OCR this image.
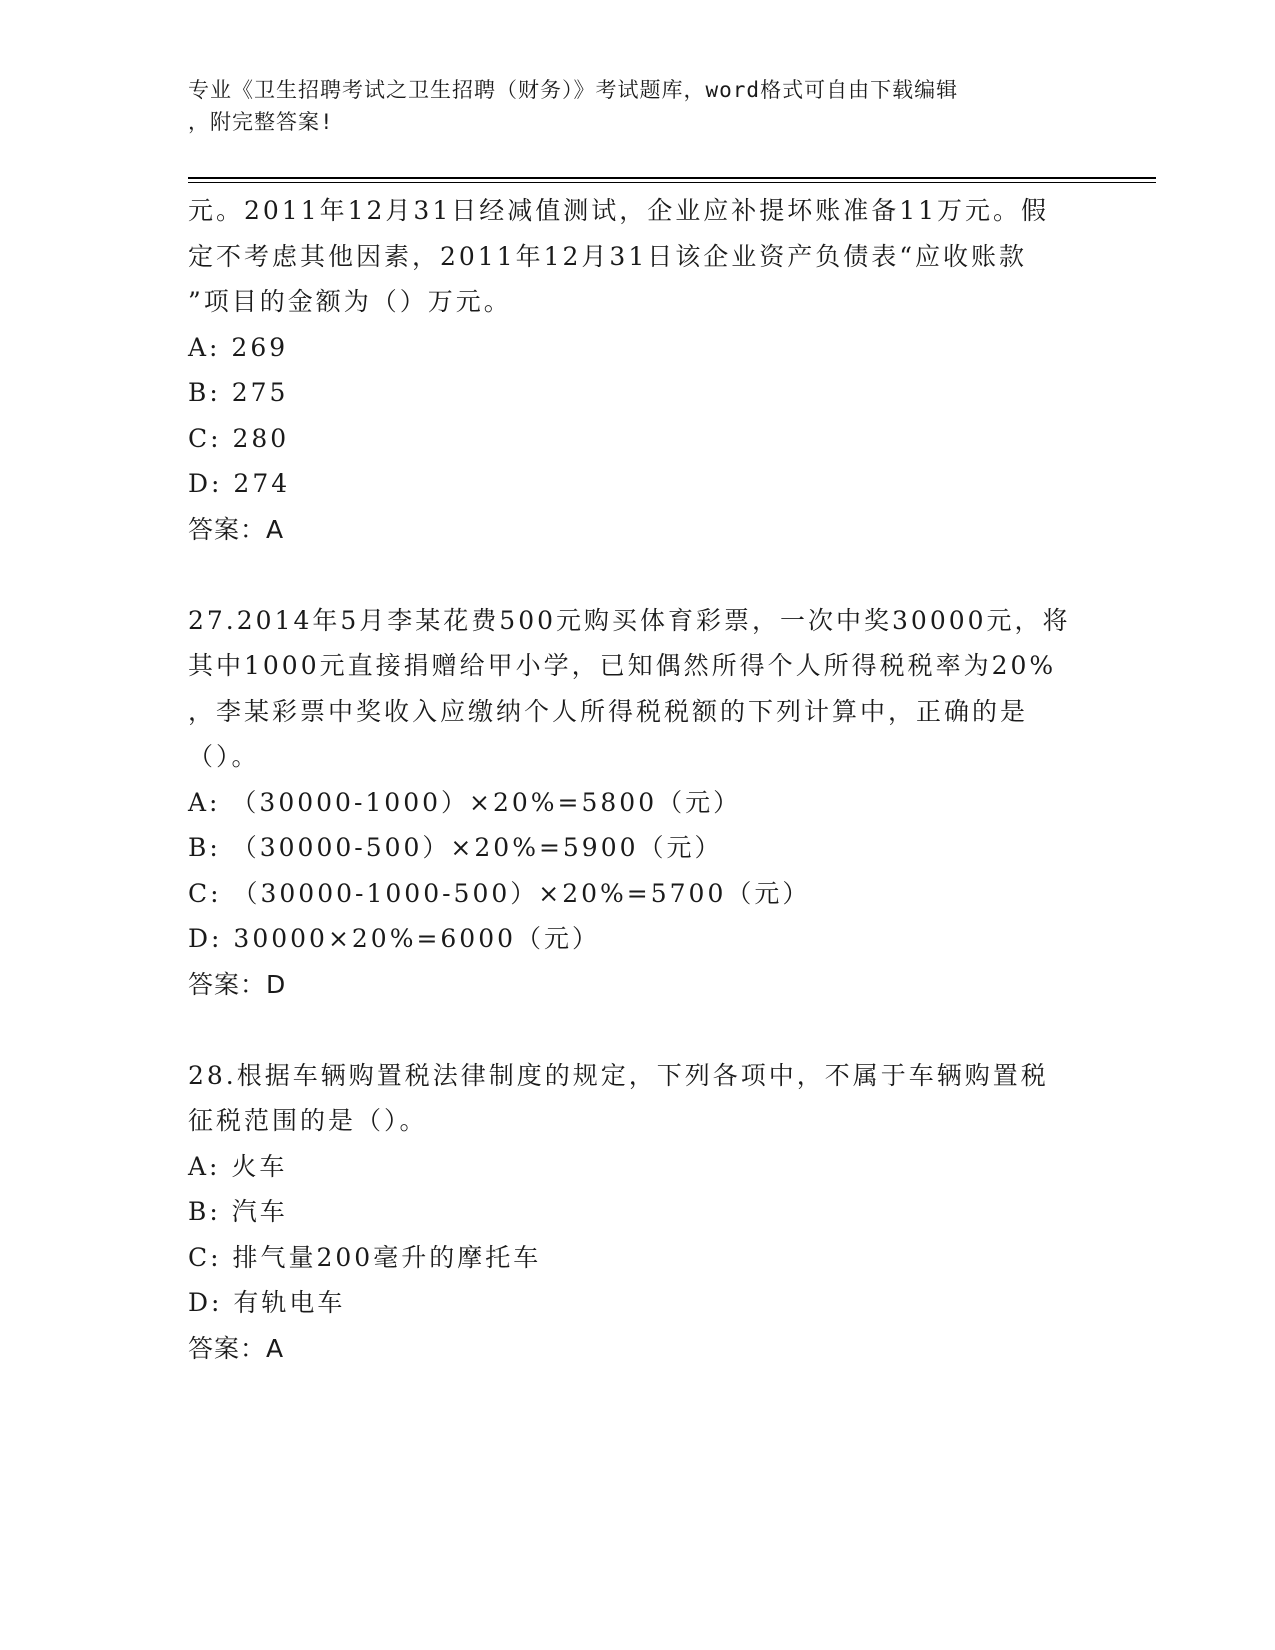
专业《卫生招聘考试之卫生招聘（财务）》考试题库，word格式可自由下载编辑
，附完整答案!
元。2011年12月31日经减值测试，企业应补提坏账准备11万元。假
定不考虑其他因素，2011年12月31日该企业资产负债表“应收账款
”项目的金额为（）万元。
A: 269
B: 275
C: 280
D: 274
答案：A
27.2014年5月李某花费500元购买体育彩票，一次中奖30000元，将
其中1000元直接捐赠给甲小学，已知偶然所得个人所得税税率为20%
，李某彩票中奖收入应缴纳个人所得税税额的下列计算中，正确的是
（）。
A: （30000-1000）×20%=5800（元）
B: （30000-500）×20%=5900（元）
C: （30000-1000-500）×20%=5700（元）
D: 30000×20%=6000（元）
答案：D
28.根据车辆购置税法律制度的规定，下列各项中，不属于车辆购置税
征税范围的是（）。
A: 火车
B: 汽车
C: 排气量200毫升的摩托车
D: 有轨电车
答案：A
